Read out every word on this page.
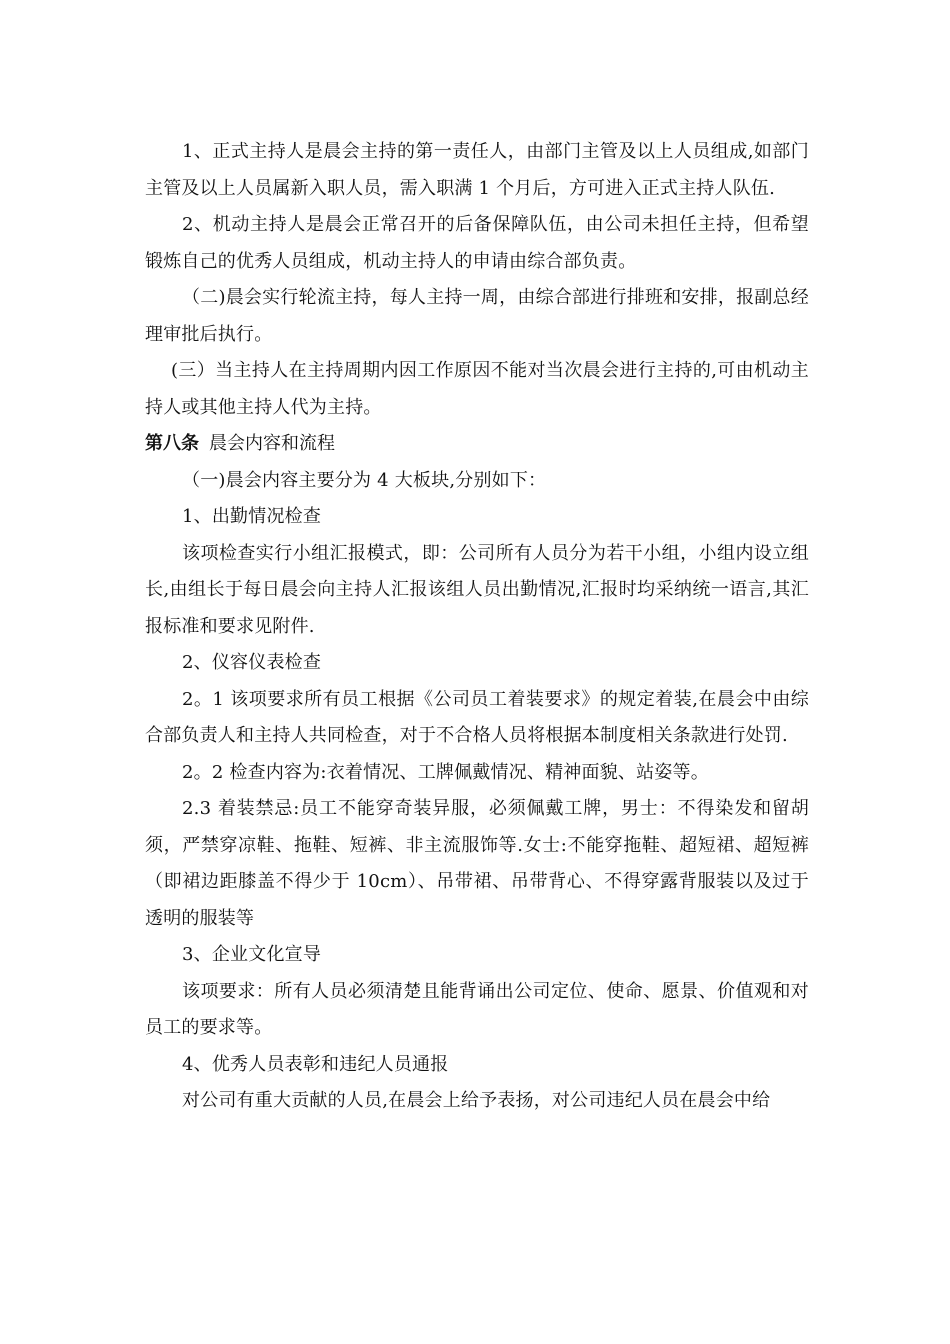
1、正式主持人是晨会主持的第一责任人，由部门主管及以上人员组成,如部门主管及以上人员属新入职人员，需入职满 1 个月后，方可进入正式主持人队伍.

2、机动主持人是晨会正常召开的后备保障队伍，由公司未担任主持，但希望锻炼自己的优秀人员组成，机动主持人的申请由综合部负责。

（二)晨会实行轮流主持，每人主持一周，由综合部进行排班和安排，报副总经理审批后执行。

(三）当主持人在主持周期内因工作原因不能对当次晨会进行主持的,可由机动主持人或其他主持人代为主持。

第八条 晨会内容和流程

（一)晨会内容主要分为 4 大板块,分别如下：

1、出勤情况检查

该项检查实行小组汇报模式，即：公司所有人员分为若干小组，小组内设立组长,由组长于每日晨会向主持人汇报该组人员出勤情况,汇报时均采纳统一语言,其汇报标准和要求见附件.

2、仪容仪表检查

2。1 该项要求所有员工根据《公司员工着装要求》的规定着装,在晨会中由综合部负责人和主持人共同检查，对于不合格人员将根据本制度相关条款进行处罚.

2。2 检查内容为:衣着情况、工牌佩戴情况、精神面貌、站姿等。

2.3 着装禁忌:员工不能穿奇装异服，必须佩戴工牌，男士：不得染发和留胡须，严禁穿凉鞋、拖鞋、短裤、非主流服饰等.女士:不能穿拖鞋、超短裙、超短裤（即裙边距膝盖不得少于 10cm）、吊带裙、吊带背心、不得穿露背服装以及过于透明的服装等

3、企业文化宣导

该项要求：所有人员必须清楚且能背诵出公司定位、使命、愿景、价值观和对员工的要求等。

4、优秀人员表彰和违纪人员通报

对公司有重大贡献的人员,在晨会上给予表扬，对公司违纪人员在晨会中给
